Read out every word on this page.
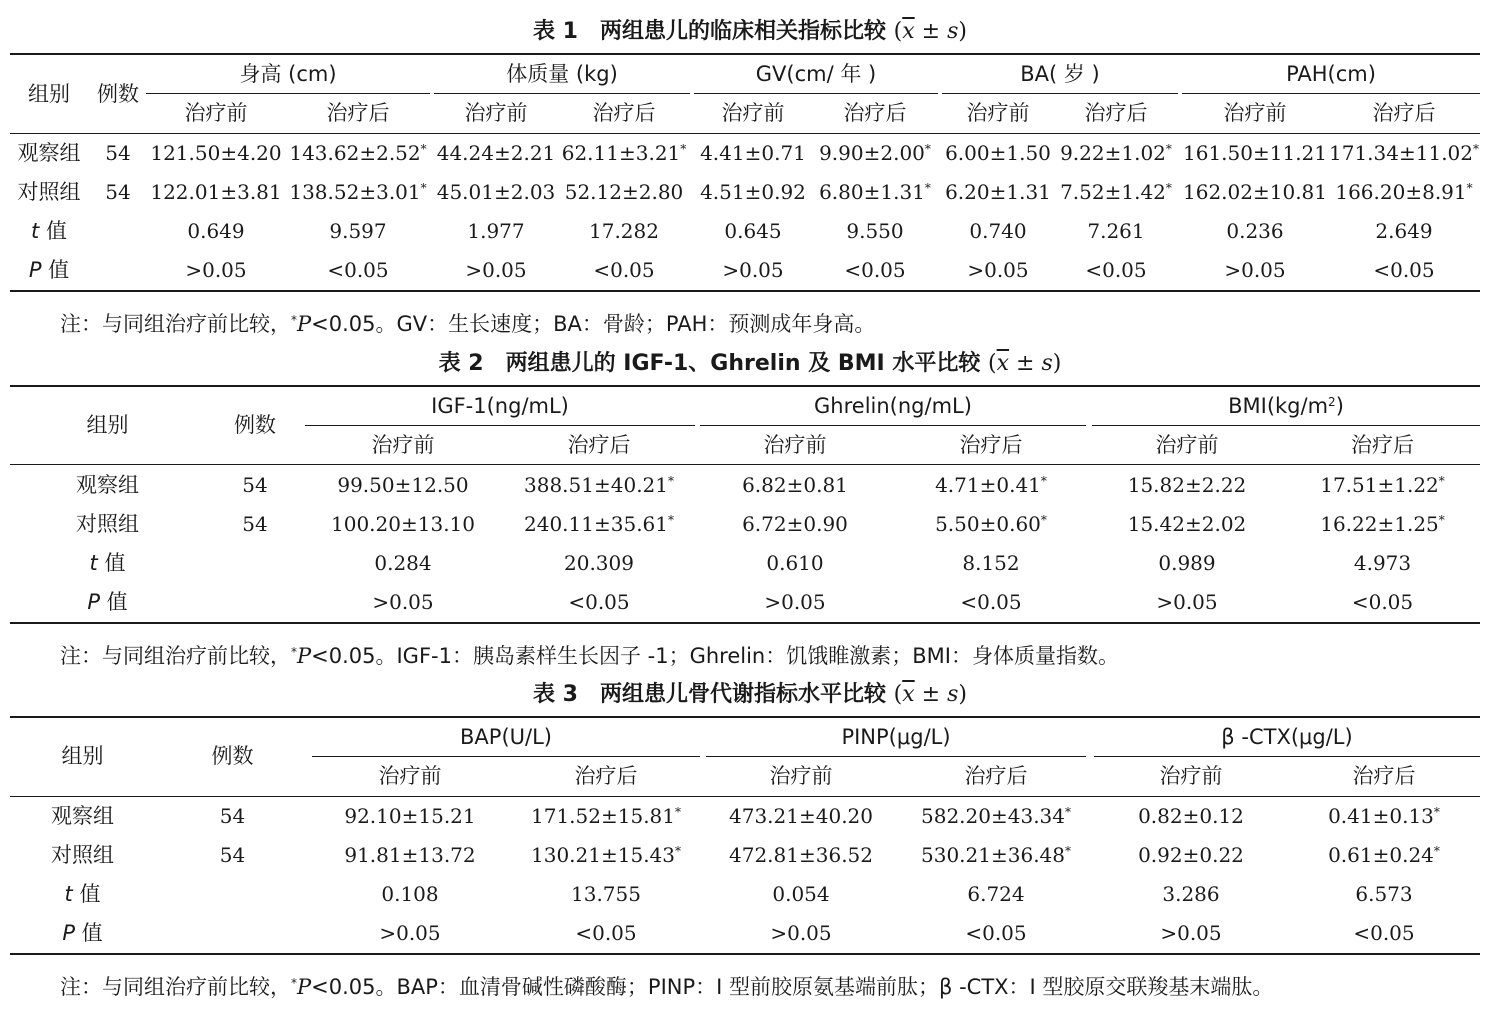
表 1　两组患儿的临床相关指标比较 $(\overline{x} \pm s)$
组别	例数
身高 (cm)	体质量 (kg)	GV(cm/ 年 )	BA( 岁 )	PAH(cm)
治疗前	治疗后	治疗前	治疗后	治疗前	治疗后	治疗前	治疗后	治疗前	治疗后
观察组	54 121.50±4.20 143.62±2.52* 44.24±2.21 62.11±3.21* 4.41±0.71 9.90±2.00* 6.00±1.50 9.22±1.02* 161.50±11.21 171.34±11.02*
对照组	54 122.01±3.81 138.52±3.01* 45.01±2.03 52.12±2.80 4.51±0.92 6.80±1.31* 6.20±1.31 7.52±1.42* 162.02±10.81 166.20±8.91*
t 值	0.649	9.597	1.977	17.282	0.645	9.550	0.740	7.261	0.236	2.649
P 值	>0.05	<0.05	>0.05	<0.05	>0.05	<0.05	>0.05	<0.05	>0.05	<0.05
注：与同组治疗前比较，*P<0.05。GV：生长速度；BA：骨龄；PAH：预测成年身高。
表 2　两组患儿的 IGF-1、Ghrelin 及 BMI 水平比较 $(\overline{x} \pm s)$
组别	例数
IGF-1(ng/mL)	Ghrelin(ng/mL)	$BMI(kg/m^2)$
治疗前	治疗后	治疗前	治疗后	治疗前	治疗后
观察组	54	99.50±12.50	388.51±40.21*	6.82±0.81	4.71±0.41*	15.82±2.22	17.51±1.22*
对照组	54	100.20±13.10	240.11±35.61*	6.72±0.90	5.50±0.60*	15.42±2.02	16.22±1.25*
t 值	0.284	20.309	0.610	8.152	0.989	4.973
P 值	>0.05	<0.05	>0.05	<0.05	>0.05	<0.05
注：与同组治疗前比较，*P<0.05。IGF-1：胰岛素样生长因子 -1；Ghrelin：饥饿睢激素；BMI：身体质量指数。
表 3　两组患儿骨代谢指标水平比较 $(\overline{x} \pm s)$
组别	例数
BAP(U/L)	PINP(μg/L)	β -CTX(μg/L)
治疗前	治疗后	治疗前	治疗后	治疗前	治疗后
观察组	54	92.10±15.21	171.52±15.81*	473.21±40.20	582.20±43.34*	0.82±0.12	0.41±0.13*
对照组	54	91.81±13.72	130.21±15.43*	472.81±36.52	530.21±36.48*	0.92±0.22	0.61±0.24*
t 值	0.108	13.755	0.054	6.724	3.286	6.573
P 值	>0.05	<0.05	>0.05	<0.05	>0.05	<0.05
注：与同组治疗前比较，*P<0.05。BAP：血清骨碱性磷酸酶；PINP：I 型前胶原氨基端前肽；β -CTX：I 型胶原交联羧基末端肽。
